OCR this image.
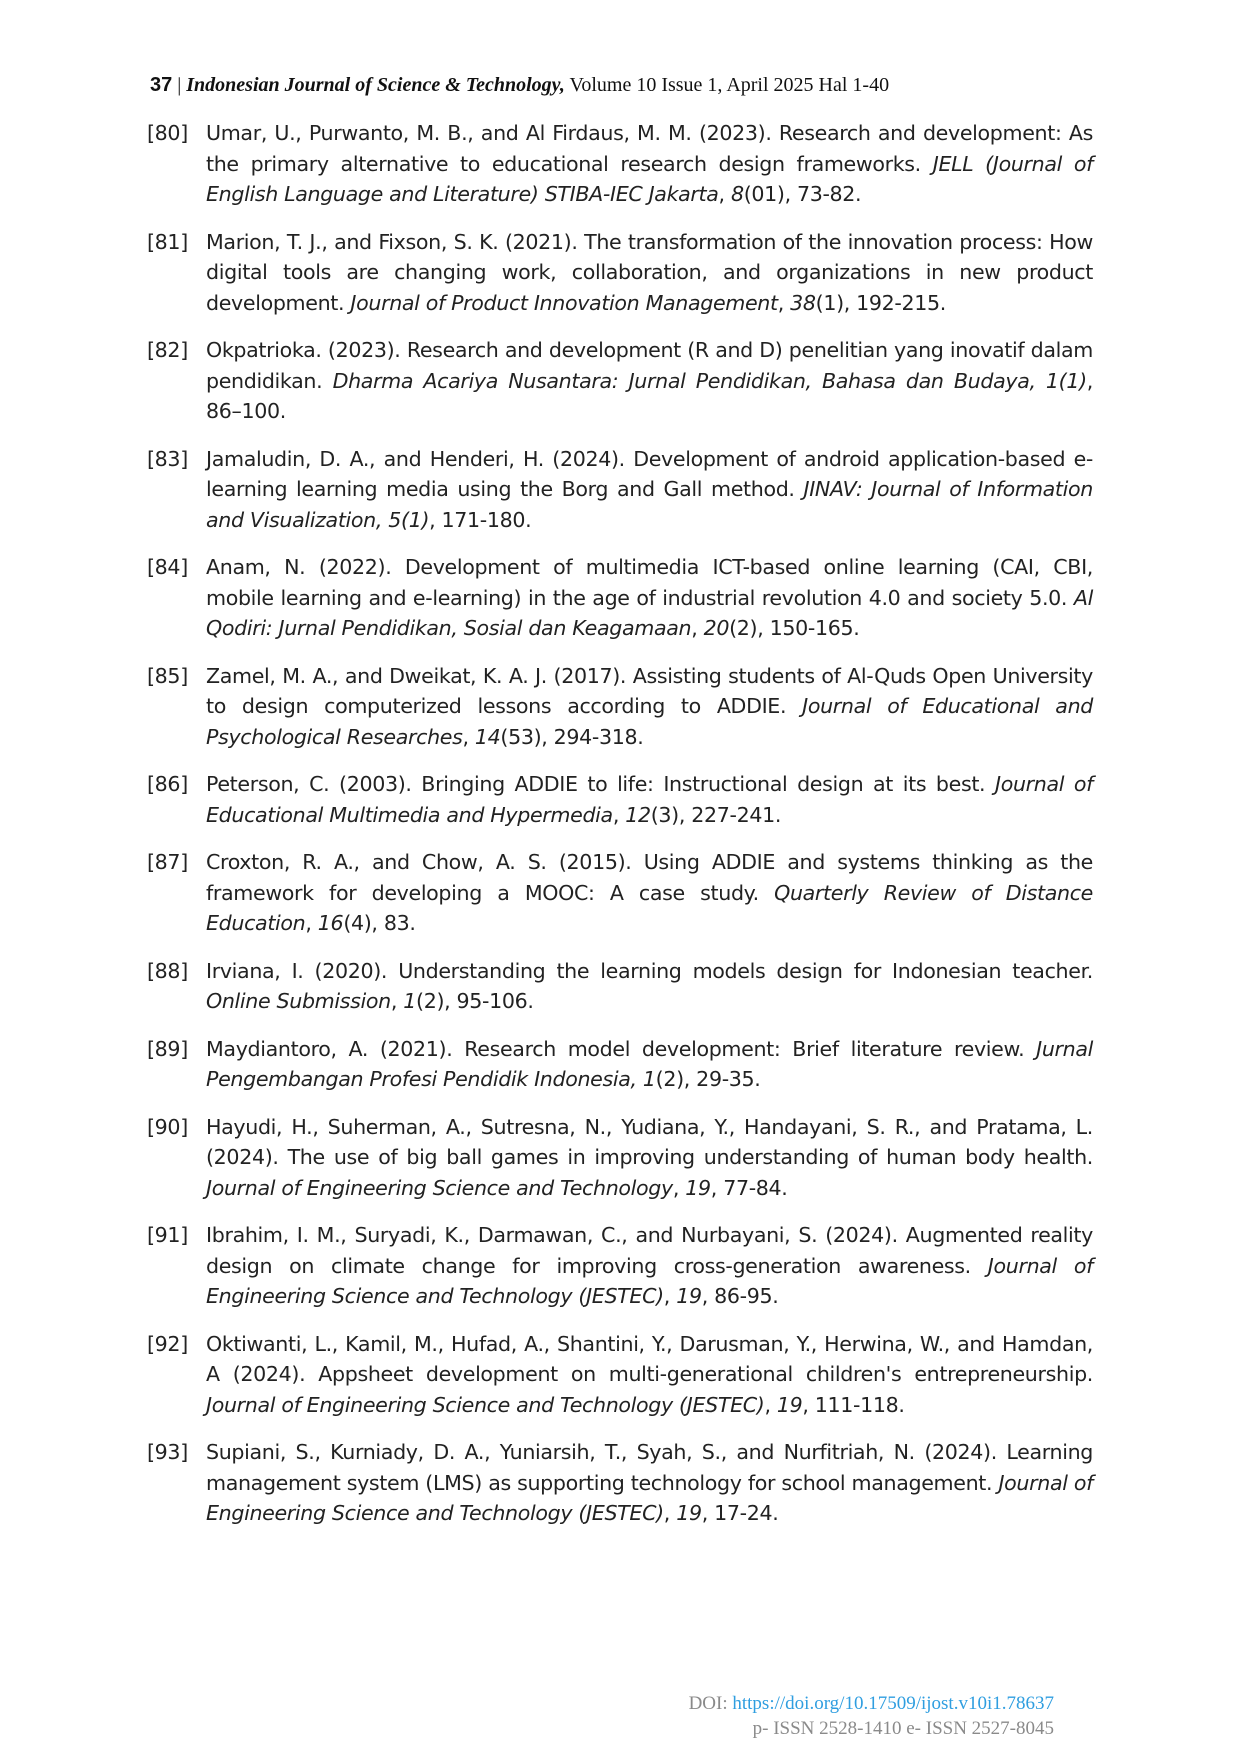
37 | Indonesian Journal of Science & Technology, Volume 10 Issue 1, April 2025 Hal 1-40
[80] Umar, U., Purwanto, M. B., and Al Firdaus, M. M. (2023). Research and development: As the primary alternative to educational research design frameworks. JELL (Journal of English Language and Literature) STIBA-IEC Jakarta, 8(01), 73-82.
[81] Marion, T. J., and Fixson, S. K. (2021). The transformation of the innovation process: How digital tools are changing work, collaboration, and organizations in new product development. Journal of Product Innovation Management, 38(1), 192-215.
[82] Okpatrioka. (2023). Research and development (R and D) penelitian yang inovatif dalam pendidikan. Dharma Acariya Nusantara: Jurnal Pendidikan, Bahasa dan Budaya, 1(1), 86–100.
[83] Jamaludin, D. A., and Henderi, H. (2024). Development of android application-based e-learning learning media using the Borg and Gall method. JINAV: Journal of Information and Visualization, 5(1), 171-180.
[84] Anam, N. (2022). Development of multimedia ICT-based online learning (CAI, CBI, mobile learning and e-learning) in the age of industrial revolution 4.0 and society 5.0. Al Qodiri: Jurnal Pendidikan, Sosial dan Keagamaan, 20(2), 150-165.
[85] Zamel, M. A., and Dweikat, K. A. J. (2017). Assisting students of Al-Quds Open University to design computerized lessons according to ADDIE. Journal of Educational and Psychological Researches, 14(53), 294-318.
[86] Peterson, C. (2003). Bringing ADDIE to life: Instructional design at its best. Journal of Educational Multimedia and Hypermedia, 12(3), 227-241.
[87] Croxton, R. A., and Chow, A. S. (2015). Using ADDIE and systems thinking as the framework for developing a MOOC: A case study. Quarterly Review of Distance Education, 16(4), 83.
[88] Irviana, I. (2020). Understanding the learning models design for Indonesian teacher. Online Submission, 1(2), 95-106.
[89] Maydiantoro, A. (2021). Research model development: Brief literature review. Jurnal Pengembangan Profesi Pendidik Indonesia, 1(2), 29-35.
[90] Hayudi, H., Suherman, A., Sutresna, N., Yudiana, Y., Handayani, S. R., and Pratama, L. (2024). The use of big ball games in improving understanding of human body health. Journal of Engineering Science and Technology, 19, 77-84.
[91] Ibrahim, I. M., Suryadi, K., Darmawan, C., and Nurbayani, S. (2024). Augmented reality design on climate change for improving cross-generation awareness. Journal of Engineering Science and Technology (JESTEC), 19, 86-95.
[92] Oktiwanti, L., Kamil, M., Hufad, A., Shantini, Y., Darusman, Y., Herwina, W., and Hamdan, A (2024). Appsheet development on multi-generational children's entrepreneurship. Journal of Engineering Science and Technology (JESTEC), 19, 111-118.
[93] Supiani, S., Kurniady, D. A., Yuniarsih, T., Syah, S., and Nurfitriah, N. (2024). Learning management system (LMS) as supporting technology for school management. Journal of Engineering Science and Technology (JESTEC), 19, 17-24.
DOI: https://doi.org/10.17509/ijost.v10i1.78637
p- ISSN 2528-1410 e- ISSN 2527-8045
